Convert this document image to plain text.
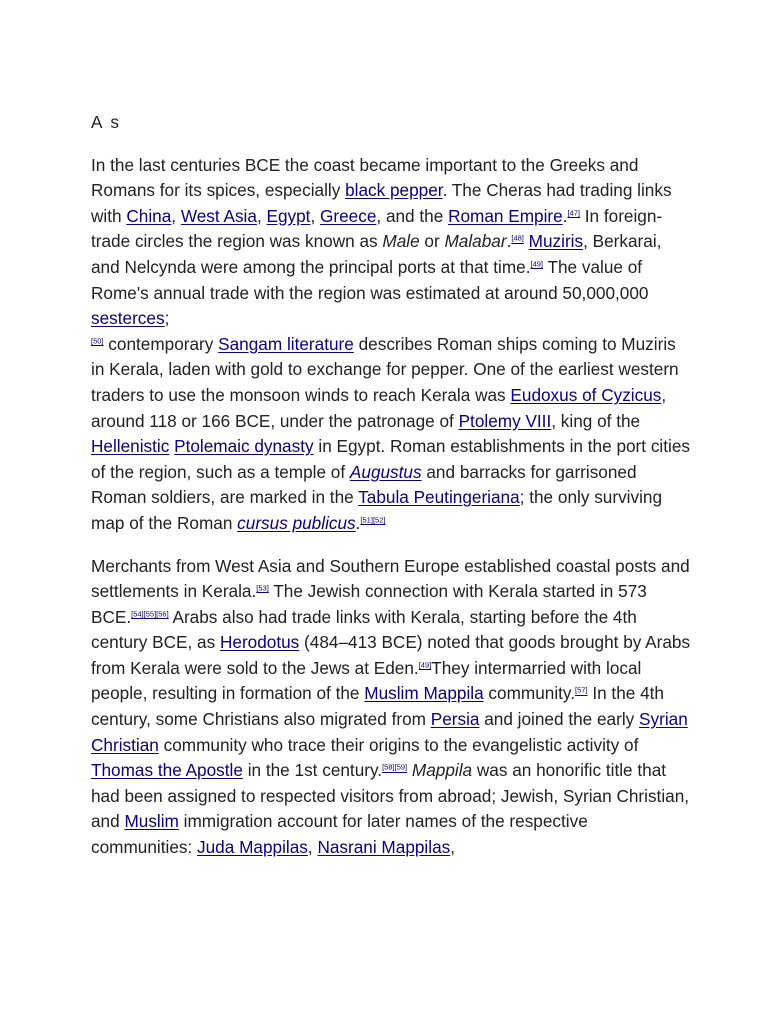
A s

In the last centuries BCE the coast became important to the Greeks and Romans for its spices, especially black pepper. The Cheras had trading links with China, West Asia, Egypt, Greece, and the Roman Empire.[47] In foreign-trade circles the region was known as Male or Malabar.[48] Muziris, Berkarai, and Nelcynda were among the principal ports at that time.[49] The value of Rome's annual trade with the region was estimated at around 50,000,000 sesterces;
[50] contemporary Sangam literature describes Roman ships coming to Muziris in Kerala, laden with gold to exchange for pepper. One of the earliest western traders to use the monsoon winds to reach Kerala was Eudoxus of Cyzicus, around 118 or 166 BCE, under the patronage of Ptolemy VIII, king of the Hellenistic Ptolemaic dynasty in Egypt. Roman establishments in the port cities of the region, such as a temple of Augustus and barracks for garrisoned Roman soldiers, are marked in the Tabula Peutingeriana; the only surviving map of the Roman cursus publicus.[51][52]

Merchants from West Asia and Southern Europe established coastal posts and settlements in Kerala.[53] The Jewish connection with Kerala started in 573 BCE.[54][55][56] Arabs also had trade links with Kerala, starting before the 4th century BCE, as Herodotus (484–413 BCE) noted that goods brought by Arabs from Kerala were sold to the Jews at Eden.[49]They intermarried with local people, resulting in formation of the Muslim Mappila community.[57] In the 4th century, some Christians also migrated from Persia and joined the early Syrian Christian community who trace their origins to the evangelistic activity of Thomas the Apostle in the 1st century.[58][59] Mappila was an honorific title that had been assigned to respected visitors from abroad; Jewish, Syrian Christian, and Muslim immigration account for later names of the respective communities: Juda Mappilas, Nasrani Mappilas,
